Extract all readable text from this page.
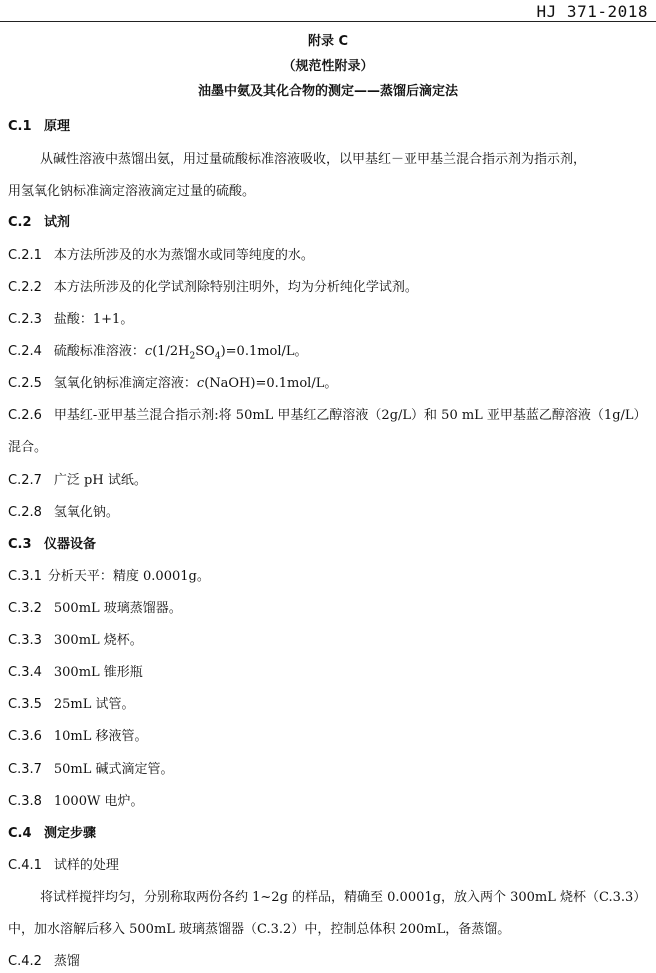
HJ 371-2018
附录 C
（规范性附录）
油墨中氨及其化合物的测定——蒸馏后滴定法
C.1 原理
从碱性溶液中蒸馏出氨，用过量硫酸标准溶液吸收，以甲基红－亚甲基兰混合指示剂为指示剂，
用氢氧化钠标准滴定溶液滴定过量的硫酸。
C.2 试剂
C.2.1 本方法所涉及的水为蒸馏水或同等纯度的水。
C.2.2 本方法所涉及的化学试剂除特别注明外，均为分析纯化学试剂。
C.2.3 盐酸：1+1。
C.2.4 硫酸标准溶液：$c(1/2H_2SO_4)=0.1mol/L$。
C.2.5 氢氧化钠标准滴定溶液：c(NaOH)=0.1mol/L。
C.2.6 甲基红-亚甲基兰混合指示剂:将 50mL 甲基红乙醇溶液（2g/L）和 50 mL 亚甲基蓝乙醇溶液（1g/L）
混合。
C.2.7 广泛 pH 试纸。
C.2.8 氢氧化钠。
C.3 仪器设备
C.3.1 分析天平：精度 0.0001g。
C.3.2 500mL 玻璃蒸馏器。
C.3.3 300mL 烧杯。
C.3.4 300mL 锥形瓶
C.3.5 25mL 试管。
C.3.6 10mL 移液管。
C.3.7 50mL 碱式滴定管。
C.3.8 1000W 电炉。
C.4 测定步骤
C.4.1 试样的处理
将试样搅拌均匀，分别称取两份各约 1~2g 的样品，精确至 0.0001g，放入两个 300mL 烧杯（C.3.3）
中，加水溶解后移入 500mL 玻璃蒸馏器（C.3.2）中，控制总体积 200mL，备蒸馏。
C.4.2 蒸馏
